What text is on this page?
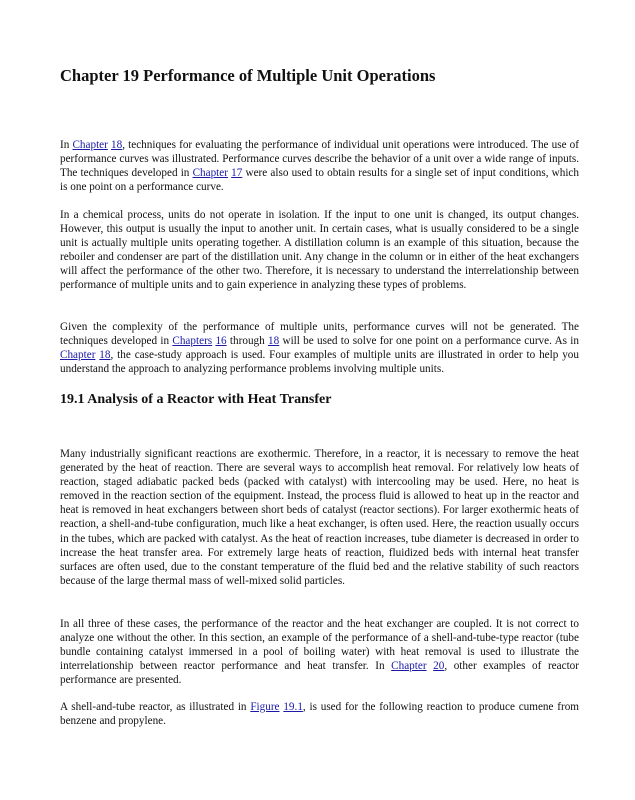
Chapter 19 Performance of Multiple Unit Operations

In Chapter 18, techniques for evaluating the performance of individual unit operations were introduced. The use of performance curves was illustrated. Performance curves describe the behavior of a unit over a wide range of inputs. The techniques developed in Chapter 17 were also used to obtain results for a single set of input conditions, which is one point on a performance curve.

In a chemical process, units do not operate in isolation. If the input to one unit is changed, its output changes. However, this output is usually the input to another unit. In certain cases, what is usually considered to be a single unit is actually multiple units operating together. A distillation column is an example of this situation, because the reboiler and condenser are part of the distillation unit. Any change in the column or in either of the heat exchangers will affect the performance of the other two. Therefore, it is necessary to understand the interrelationship between performance of multiple units and to gain experience in analyzing these types of problems.

Given the complexity of the performance of multiple units, performance curves will not be generated. The techniques developed in Chapters 16 through 18 will be used to solve for one point on a performance curve. As in Chapter 18, the case-study approach is used. Four examples of multiple units are illustrated in order to help you understand the approach to analyzing performance problems involving multiple units.

19.1 Analysis of a Reactor with Heat Transfer

Many industrially significant reactions are exothermic. Therefore, in a reactor, it is necessary to remove the heat generated by the heat of reaction. There are several ways to accomplish heat removal. For relatively low heats of reaction, staged adiabatic packed beds (packed with catalyst) with intercooling may be used. Here, no heat is removed in the reaction section of the equipment. Instead, the process fluid is allowed to heat up in the reactor and heat is removed in heat exchangers between short beds of catalyst (reactor sections). For larger exothermic heats of reaction, a shell-and-tube configuration, much like a heat exchanger, is often used. Here, the reaction usually occurs in the tubes, which are packed with catalyst. As the heat of reaction increases, tube diameter is decreased in order to increase the heat transfer area. For extremely large heats of reaction, fluidized beds with internal heat transfer surfaces are often used, due to the constant temperature of the fluid bed and the relative stability of such reactors because of the large thermal mass of well-mixed solid particles.

In all three of these cases, the performance of the reactor and the heat exchanger are coupled. It is not correct to analyze one without the other. In this section, an example of the performance of a shell-and-tube-type reactor (tube bundle containing catalyst immersed in a pool of boiling water) with heat removal is used to illustrate the interrelationship between reactor performance and heat transfer. In Chapter 20, other examples of reactor performance are presented.

A shell-and-tube reactor, as illustrated in Figure 19.1, is used for the following reaction to produce cumene from benzene and propylene.
